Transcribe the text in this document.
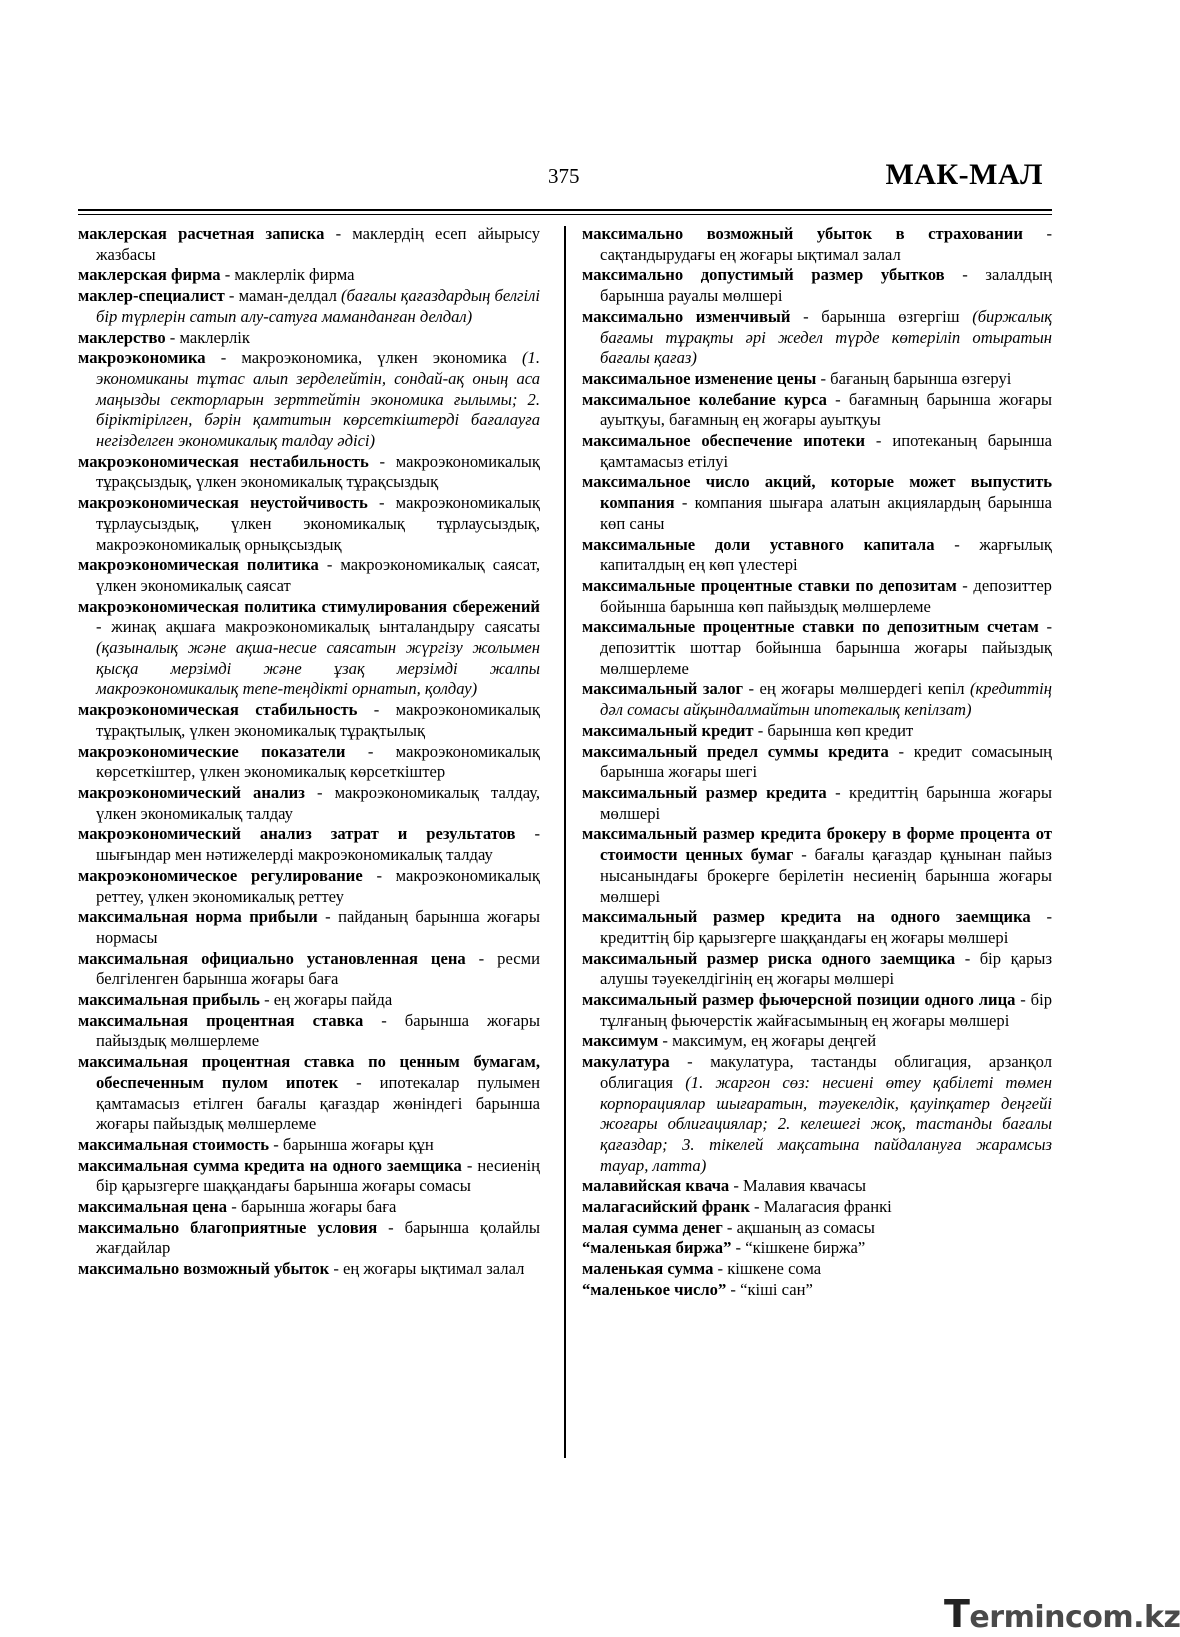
375	МАК-МАЛ
маклерская расчетная записка - маклердің есеп айырысу жазбасы
маклерская фирма - маклерлік фирма
маклер-специалист - маман-делдал (бағалы қағаздардың белгілі бір түрлерін сатып алу-сатуға маманданған делдал)
маклерство - маклерлік
макроэкономика - макроэкономика, үлкен экономика (1. экономиканы тұтас алып зерделейтін, сондай-ақ оның аса маңызды секторларын зерттейтін экономика ғылымы; 2. біріктірілген, бәрін қамтитын көрсеткіштерді бағалауға негізделген экономикалық талдау әдісі)
макроэкономическая нестабильность - макроэкономикалық тұрақсыздық, үлкен экономикалық тұрақсыздық
макроэкономическая неустойчивость - макроэкономикалық тұрлаусыздық, үлкен экономикалық тұрлаусыздық, макроэкономикалық орнықсыздық
макроэкономическая политика - макроэкономикалық саясат, үлкен экономикалық саясат
макроэкономическая политика стимулирования сбережений - жинақ ақшаға макроэкономикалық ынталандыру саясаты (қазыналық және ақша-несие саясатын жүргізу жолымен қысқа мерзімді және ұзақ мерзімді жалпы макроэкономикалық тепе-теңдікті орнатып, қолдау)
макроэкономическая стабильность - макроэкономикалық тұрақтылық, үлкен экономикалық тұрақтылық
макроэкономические показатели - макроэкономикалық көрсеткіштер, үлкен экономикалық көрсеткіштер
макроэкономический анализ - макроэкономикалық талдау, үлкен экономикалық талдау
макроэкономический анализ затрат и результатов - шығындар мен нәтижелерді макроэкономикалық талдау
макроэкономическое регулирование - макроэкономикалық реттеу, үлкен экономикалық реттеу
максимальная норма прибыли - пайданың барынша жоғары нормасы
максимальная официально установленная цена - ресми белгіленген барынша жоғары баға
максимальная прибыль - ең жоғары пайда
максимальная процентная ставка - барынша жоғары пайыздық мөлшерлеме
максимальная процентная ставка по ценным бумагам, обеспеченным пулом ипотек - ипотекалар пулымен қамтамасыз етілген бағалы қағаздар жөніндегі барынша жоғары пайыздық мөлшерлеме
максимальная стоимость - барынша жоғары құн
максимальная сумма кредита на одного заемщика - несиенің бір қарызгерге шаққандағы барынша жоғары сомасы
максимальная цена - барынша жоғары баға
максимально благоприятные условия - барынша қолайлы жағдайлар
максимально возможный убыток - ең жоғары ықтимал залал
максимально возможный убыток в страховании - сақтандырудағы ең жоғары ықтимал залал
максимально допустимый размер убытков - залалдың барынша рауалы мөлшері
максимально изменчивый - барынша өзгергіш (биржалық бағамы тұрақты әрі жедел түрде көтеріліп отыратын бағалы қағаз)
максимальное изменение цены - бағаның барынша өзгеруі
максимальное колебание курса - бағамның барынша жоғары ауытқуы, бағамның ең жоғары ауытқуы
максимальное обеспечение ипотеки - ипотеканың барынша қамтамасыз етілуі
максимальное число акций, которые может выпустить компания - компания шығара алатын акциялардың барынша көп саны
максимальные доли уставного капитала - жарғылық капиталдың ең көп үлестері
максимальные процентные ставки по депозитам - депозиттер бойынша барынша көп пайыздық мөлшерлеме
максимальные процентные ставки по депозитным счетам - депозиттік шоттар бойынша барынша жоғары пайыздық мөлшерлеме
максимальный залог - ең жоғары мөлшердегі кепіл (кредиттің дәл сомасы айқындалмайтын ипотекалық кепілзат)
максимальный кредит - барынша көп кредит
максимальный предел суммы кредита - кредит сомасының барынша жоғары шегі
максимальный размер кредита - кредиттің барынша жоғары мөлшері
максимальный размер кредита брокеру в форме процента от стоимости ценных бумаг - бағалы қағаздар құнынан пайыз нысанындағы брокерге берілетін несиенің барынша жоғары мөлшері
максимальный размер кредита на одного заемщика - кредиттің бір қарызгерге шаққандағы ең жоғары мөлшері
максимальный размер риска одного заемщика - бір қарыз алушы тәуекелдігінің ең жоғары мөлшері
максимальный размер фьючерсной позиции одного лица - бір тұлғаның фьючерстік жайғасымының ең жоғары мөлшері
максимум - максимум, ең жоғары деңгей
макулатура - макулатура, тастанды облигация, арзанқол облигация (1. жаргон сөз: несиені өтеу қабілеті төмен корпорациялар шығаратын, тәуекелдік, қауіпқатер деңгейі жоғары облигациялар; 2. келешегі жоқ, тастанды бағалы қағаздар; 3. тікелей мақсатына пайдалануға жарамсыз тауар, латта)
малавийская квача - Малавия квачасы
малагасийский франк - Малагасия франкі
малая сумма денег - ақшаның аз сомасы
“маленькая биржа” - “кішкене биржа”
маленькая сумма - кішкене сома
“маленькое число” - “кіші сан”
Termincom.kz
